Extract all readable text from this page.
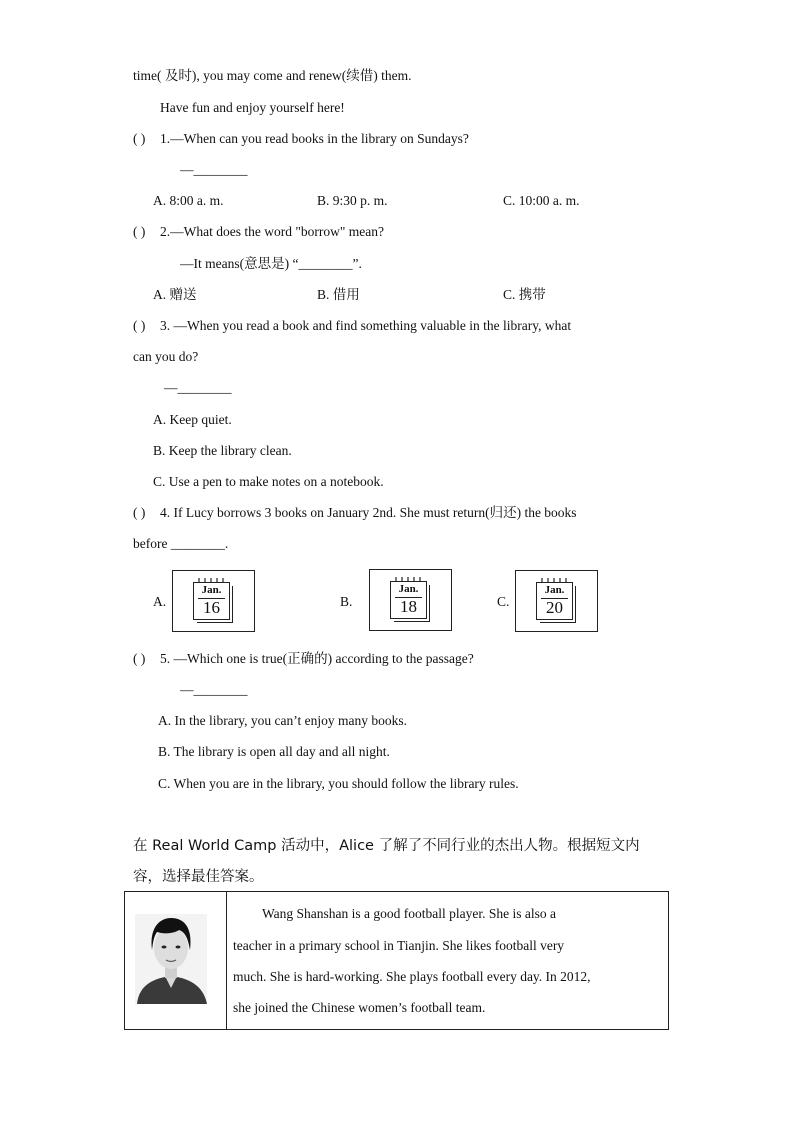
time( 及时), you may come and renew(续借) them.
Have fun and enjoy yourself here!
( ) 1.—When can you read books in the library on Sundays?
—________
A. 8:00 a. m.	B. 9:30 p. m.	C. 10:00 a. m.
( ) 2.—What does the word "borrow" mean?
—It means(意思是) “________”.
A. 赠送	B. 借用	C. 携带
( ) 3. —When you read a book and find something valuable in the library, what
can you do?
—________
A. Keep quiet.
B. Keep the library clean.
C. Use a pen to make notes on a notebook.
( ) 4. If Lucy borrows 3 books on January 2nd. She must return(归还) the books
before ________.
A.
Jan.
16	B.
Jan.
18	C.
Jan.
20
( ) 5. —Which one is true(正确的) according to the passage?
—________
A. In the library, you can’t enjoy many books.
B. The library is open all day and all night.
C. When you are in the library, you should follow the library rules.
在 Real World Camp 活动中，Alice 了解了不同行业的杰出人物。根据短文内
容，选择最佳答案。

Wang Shanshan is a good football player. She is also a
teacher in a primary school in Tianjin. She likes football very
much. She is hard-working. She plays football every day. In 2012,
she joined the Chinese women’s football team.
